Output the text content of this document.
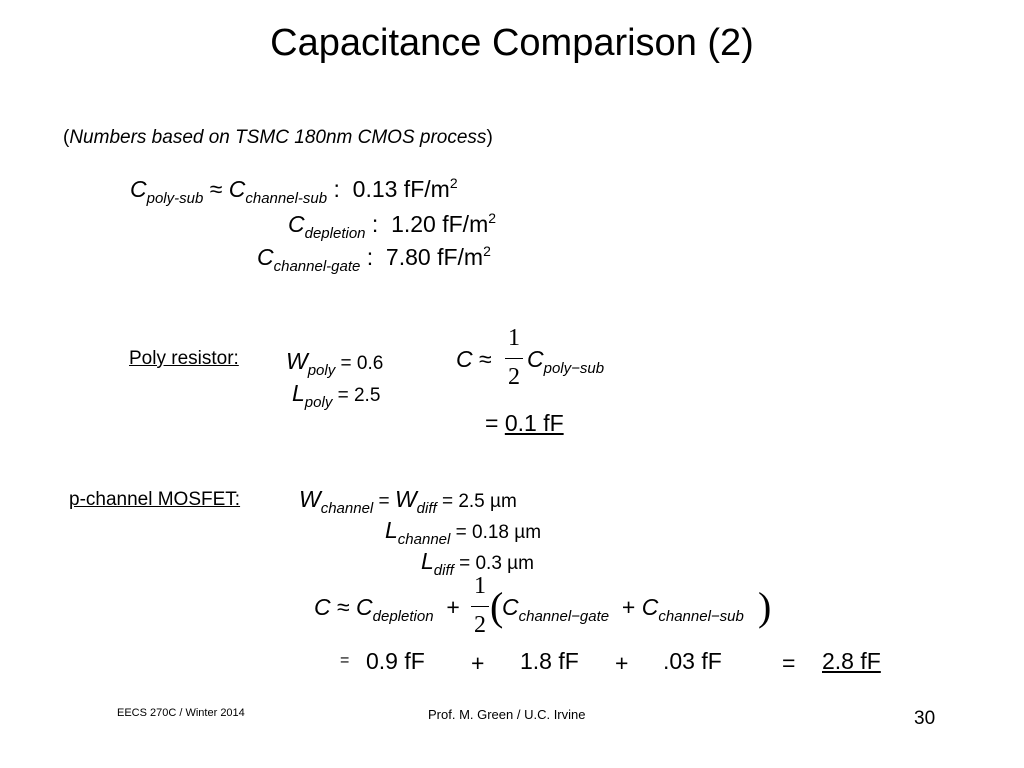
Capacitance Comparison (2)
(Numbers based on TSMC 180nm CMOS process)
$C_{poly-sub} \approx C_{channel-sub}$ : 0.13 $fF/m^2$
$C_{depletion}$ : 1.20 $fF/m^2$
$C_{channel-gate}$ : 7.80 $fF/m^2$
Poly resistor: $W_{poly} = 0.6$
$L_{poly} = 2.5$
C ≈
1
2
$C_{poly-sub}$
= 0.1 fF
p-channel MOSFET:	$W_{channel} = W_{diff} = 2.5$ µm
$L_{channel} = 0.18$ µm
$L_{diff} = 0.3$ µm
$C \approx C_{depletion}$ +
1
2 (
$C_{channel-gate} + C_{channel-sub}$ )
= 0.9 fF + 1.8 fF + .03 fF	= 2.8 fF
EECS 270C / Winter 2014	Prof. M. Green / U.C. Irvine	30
